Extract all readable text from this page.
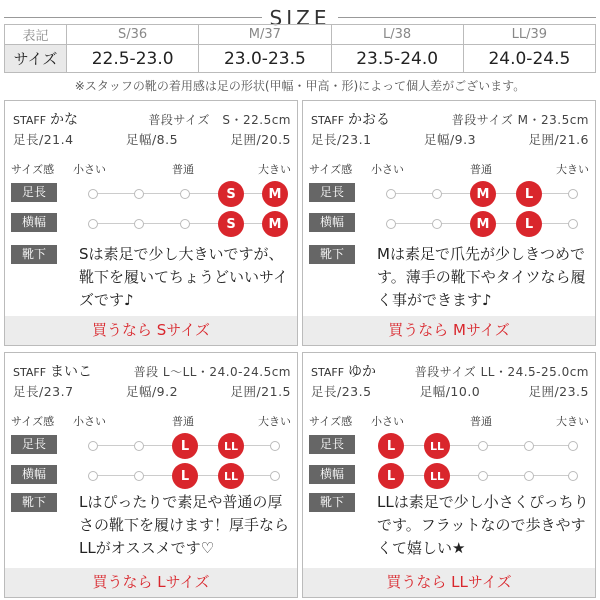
SIZE
表記	S/36	M/37	L/38	LL/39
サイズ	22.5-23.0	23.0-23.5	23.5-24.0	24.0-24.5
※スタッフの靴の着用感は足の形状(甲幅・甲高・形)によって個人差がございます。
STAFF かな	普段サイズ　S・22.5cm
足長/21.4	足幅/8.5	足囲/20.5
サイズ感 小さい	普通	大きい
足長	S	M
横幅	S	M
靴下	Sは素足で少し大きいですが、靴下を履いてちょうどいいサイズです♪
買うなら Sサイズ
STAFF かおる	普段サイズ M・23.5cm
足長/23.1	足幅/9.3	足囲/21.6
サイズ感 小さい	普通	大きい
足長	M	L
横幅	M	L
靴下	Mは素足で爪先が少しきつめです。薄手の靴下やタイツなら履く事ができます♪
買うなら Mサイズ
STAFF まいこ	普段 L〜LL・24.0-24.5cm
足長/23.7	足幅/9.2	足囲/21.5
サイズ感 小さい	普通	大きい
足長	L	LL
横幅	L	LL
靴下	Lはぴったりで素足や普通の厚さの靴下を履けます！厚手ならLLがオススメです♡
買うなら Lサイズ
STAFF ゆか	普段サイズ LL・24.5-25.0cm
足長/23.5	足幅/10.0	足囲/23.5
サイズ感 小さい	普通	大きい
足長	L	LL
横幅	L	LL
靴下	LLは素足で少し小さくぴっちりです。フラットなので歩きやすくて嬉しい★
買うなら LLサイズ
